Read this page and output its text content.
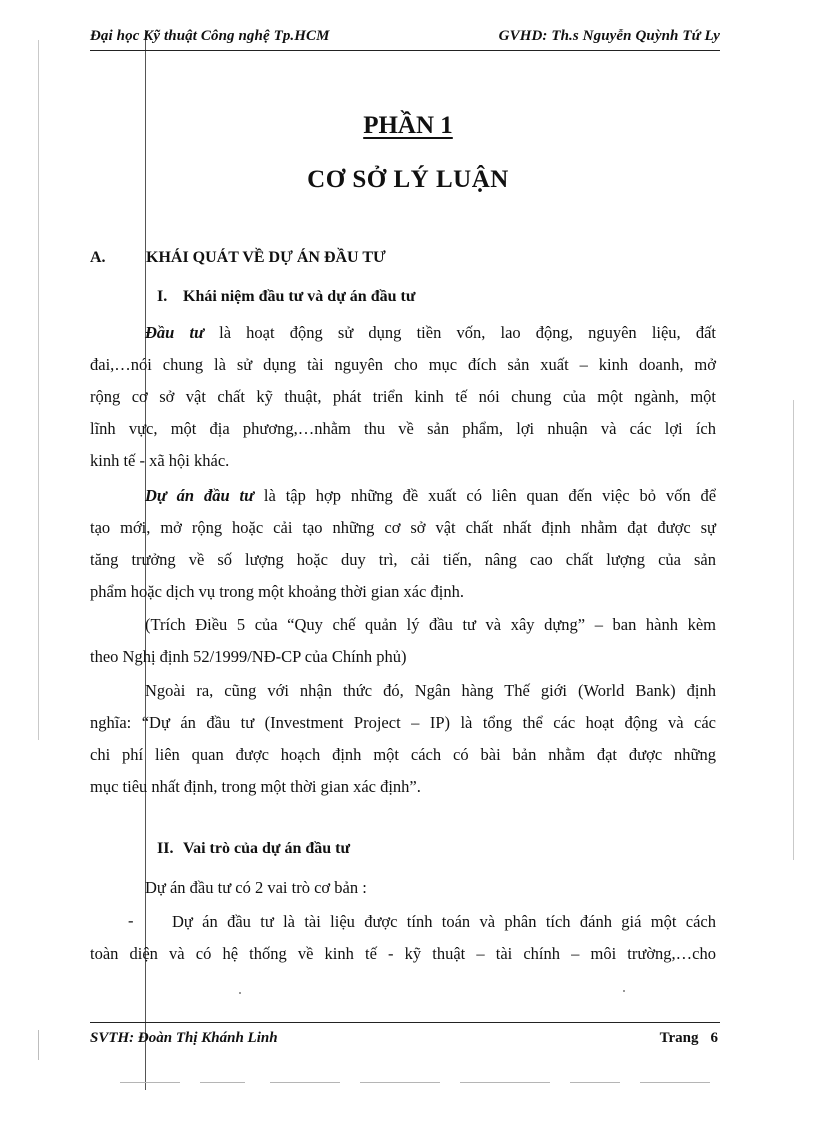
Đại học Kỹ thuật Công nghệ Tp.HCM	GVHD: Th.s Nguyễn Quỳnh Tứ Ly
PHẦN 1
CƠ SỞ LÝ LUẬN
A.	KHÁI QUÁT VỀ DỰ ÁN ĐẦU TƯ
I. Khái niệm đầu tư và dự án đầu tư
Đầu tư là hoạt động sử dụng tiền vốn, lao động, nguyên liệu, đất
đai,…nói chung là sử dụng tài nguyên cho mục đích sản xuất – kinh doanh, mở
rộng cơ sở vật chất kỹ thuật, phát triển kinh tế nói chung của một ngành, một
lĩnh vực, một địa phương,…nhằm thu về sản phẩm, lợi nhuận và các lợi ích
kinh tế - xã hội khác.
Dự án đầu tư là tập hợp những đề xuất có liên quan đến việc bỏ vốn để
tạo mới, mở rộng hoặc cải tạo những cơ sở vật chất nhất định nhằm đạt được sự
tăng trưởng về số lượng hoặc duy trì, cải tiến, nâng cao chất lượng của sản
phẩm hoặc dịch vụ trong một khoảng thời gian xác định.
(Trích Điều 5 của “Quy chế quản lý đầu tư và xây dựng” – ban hành kèm
theo Nghị định 52/1999/NĐ-CP của Chính phủ)
Ngoài ra, cũng với nhận thức đó, Ngân hàng Thế giới (World Bank) định
nghĩa: “Dự án đầu tư (Investment Project – IP) là tổng thể các hoạt động và các
chi phí liên quan được hoạch định một cách có bài bản nhằm đạt được những
mục tiêu nhất định, trong một thời gian xác định”.
II. Vai trò của dự án đầu tư
Dự án đầu tư có 2 vai trò cơ bản :
- Dự án đầu tư là tài liệu được tính toán và phân tích đánh giá một cách
toàn diện và có hệ thống về kinh tế - kỹ thuật – tài chính – môi trường,…cho
SVTH: Đoàn Thị Khánh Linh	Trang 6
